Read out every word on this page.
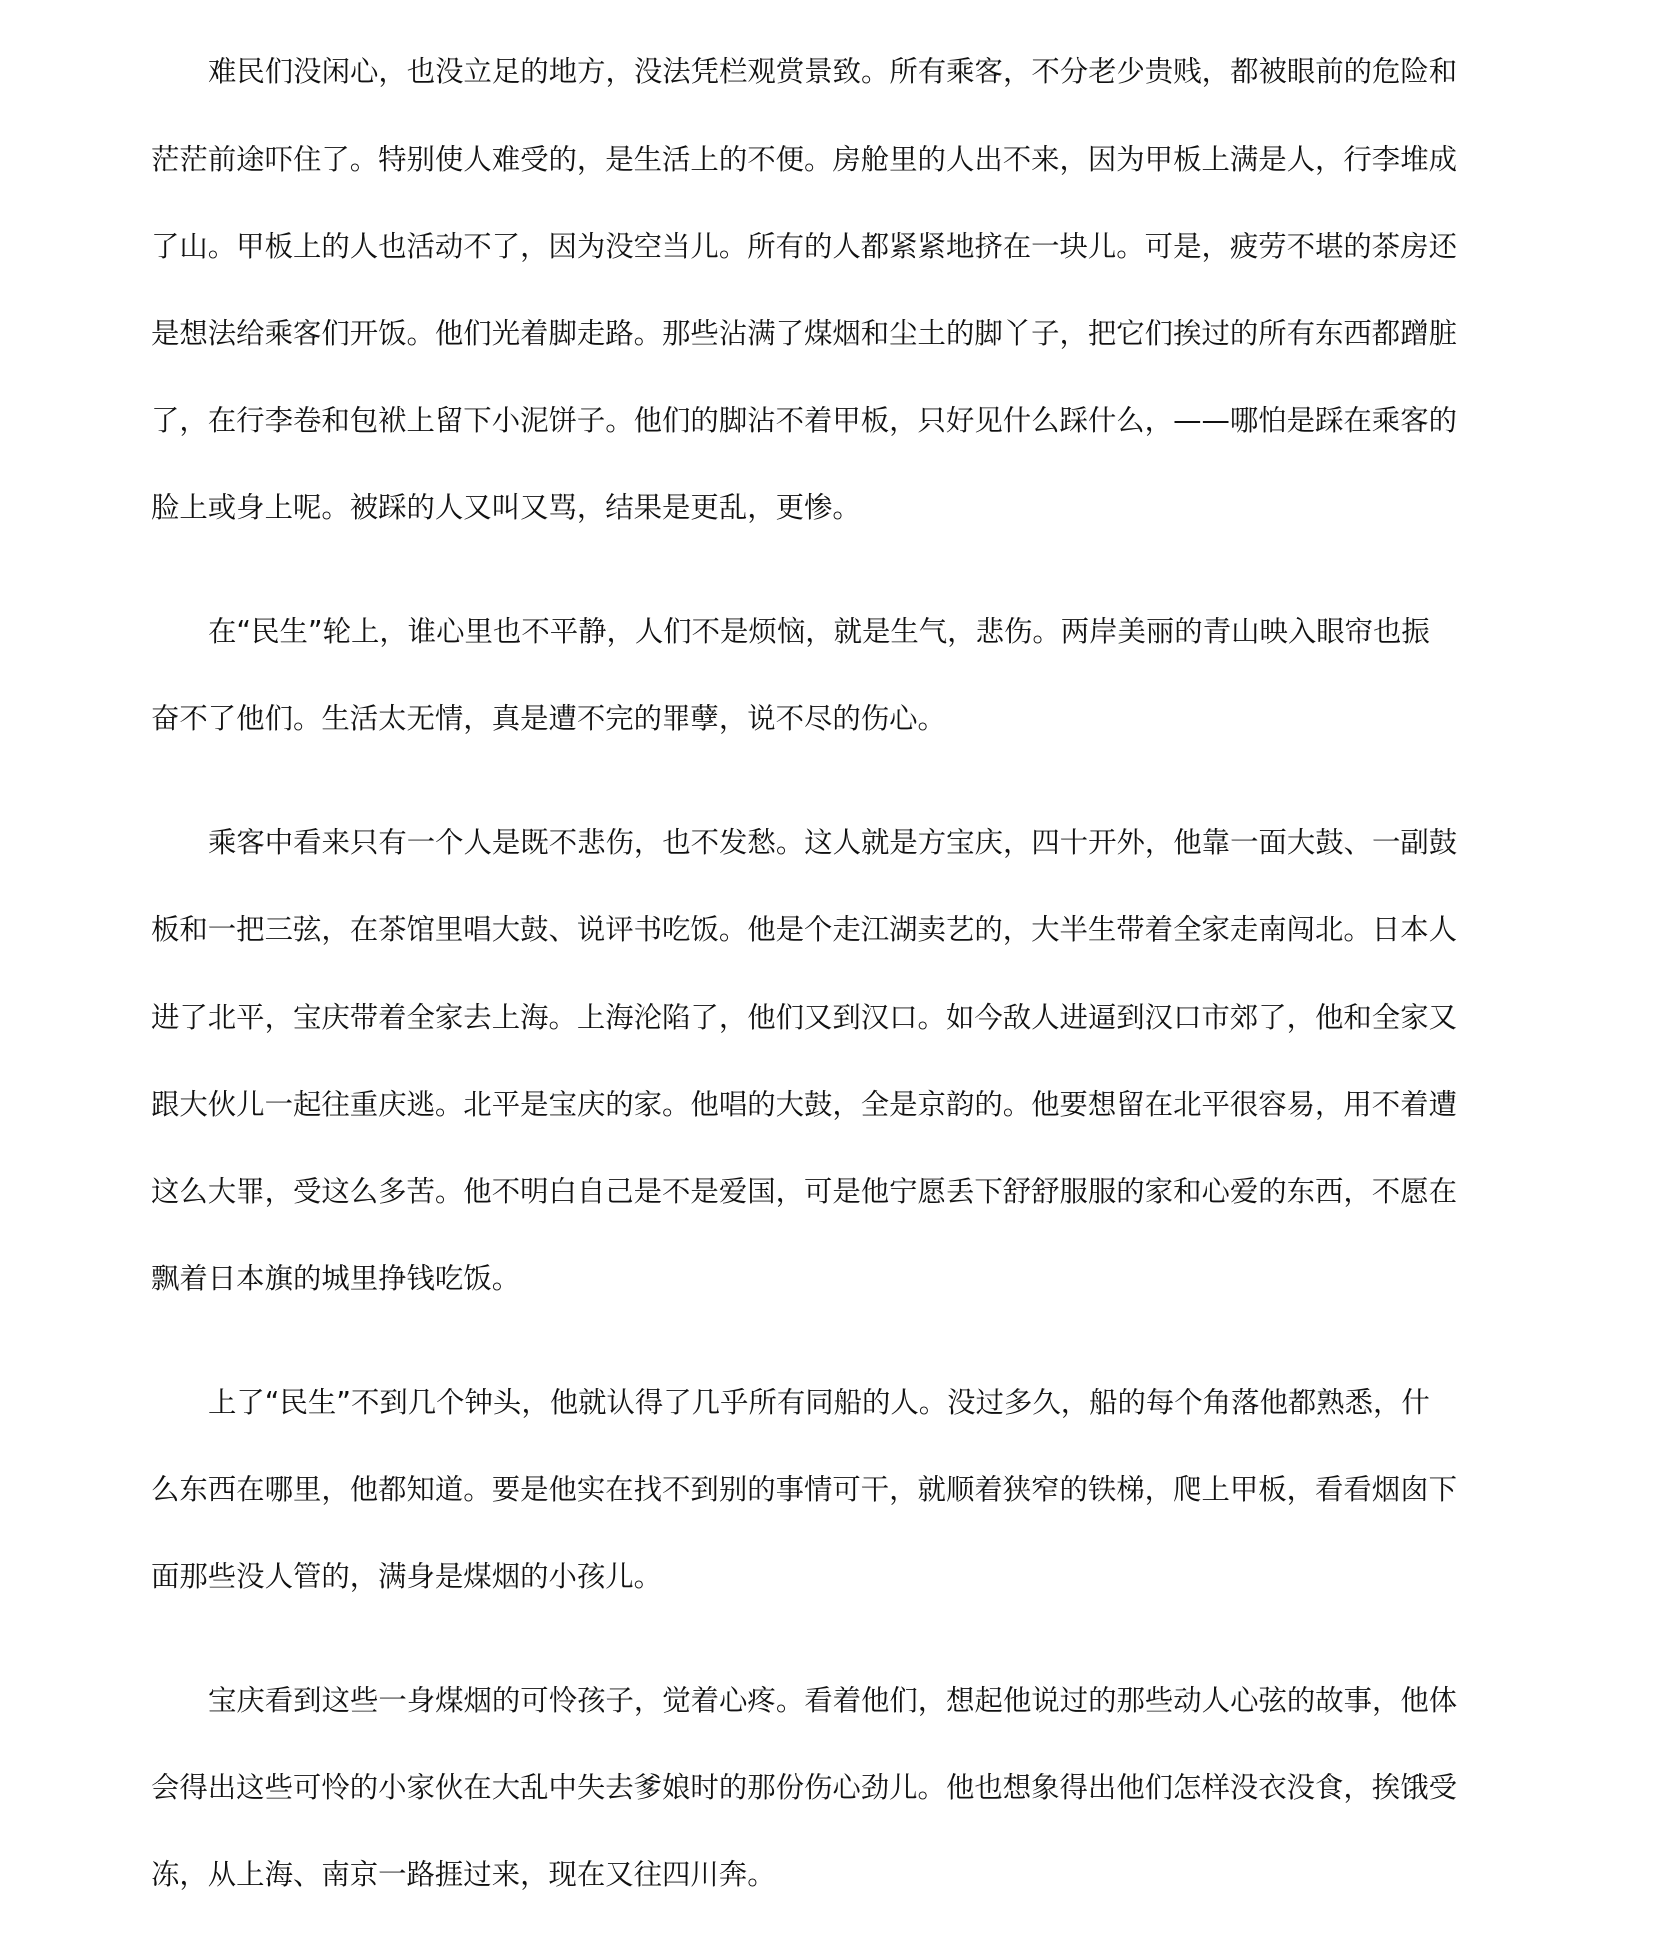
难民们没闲心，也没立足的地方，没法凭栏观赏景致。所有乘客，不分老少贵贱，都被眼前的危险和

茫茫前途吓住了。特别使人难受的，是生活上的不便。房舱里的人出不来，因为甲板上满是人，行李堆成

了山。甲板上的人也活动不了，因为没空当儿。所有的人都紧紧地挤在一块儿。可是，疲劳不堪的茶房还

是想法给乘客们开饭。他们光着脚走路。那些沾满了煤烟和尘土的脚丫子，把它们挨过的所有东西都蹭脏

了，在行李卷和包袱上留下小泥饼子。他们的脚沾不着甲板，只好见什么踩什么，——哪怕是踩在乘客的

脸上或身上呢。被踩的人又叫又骂，结果是更乱，更惨。

在“民生”轮上，谁心里也不平静，人们不是烦恼，就是生气，悲伤。两岸美丽的青山映入眼帘也振

奋不了他们。生活太无情，真是遭不完的罪孽，说不尽的伤心。

乘客中看来只有一个人是既不悲伤，也不发愁。这人就是方宝庆，四十开外，他靠一面大鼓、一副鼓

板和一把三弦，在茶馆里唱大鼓、说评书吃饭。他是个走江湖卖艺的，大半生带着全家走南闯北。日本人

进了北平，宝庆带着全家去上海。上海沦陷了，他们又到汉口。如今敌人进逼到汉口市郊了，他和全家又

跟大伙儿一起往重庆逃。北平是宝庆的家。他唱的大鼓，全是京韵的。他要想留在北平很容易，用不着遭

这么大罪，受这么多苦。他不明白自己是不是爱国，可是他宁愿丢下舒舒服服的家和心爱的东西，不愿在

飘着日本旗的城里挣钱吃饭。

上了“民生”不到几个钟头，他就认得了几乎所有同船的人。没过多久，船的每个角落他都熟悉，什

么东西在哪里，他都知道。要是他实在找不到别的事情可干，就顺着狭窄的铁梯，爬上甲板，看看烟囱下

面那些没人管的，满身是煤烟的小孩儿。

宝庆看到这些一身煤烟的可怜孩子，觉着心疼。看着他们，想起他说过的那些动人心弦的故事，他体

会得出这些可怜的小家伙在大乱中失去爹娘时的那份伤心劲儿。他也想象得出他们怎样没衣没食，挨饿受

冻，从上海、南京一路捱过来，现在又往四川奔。
